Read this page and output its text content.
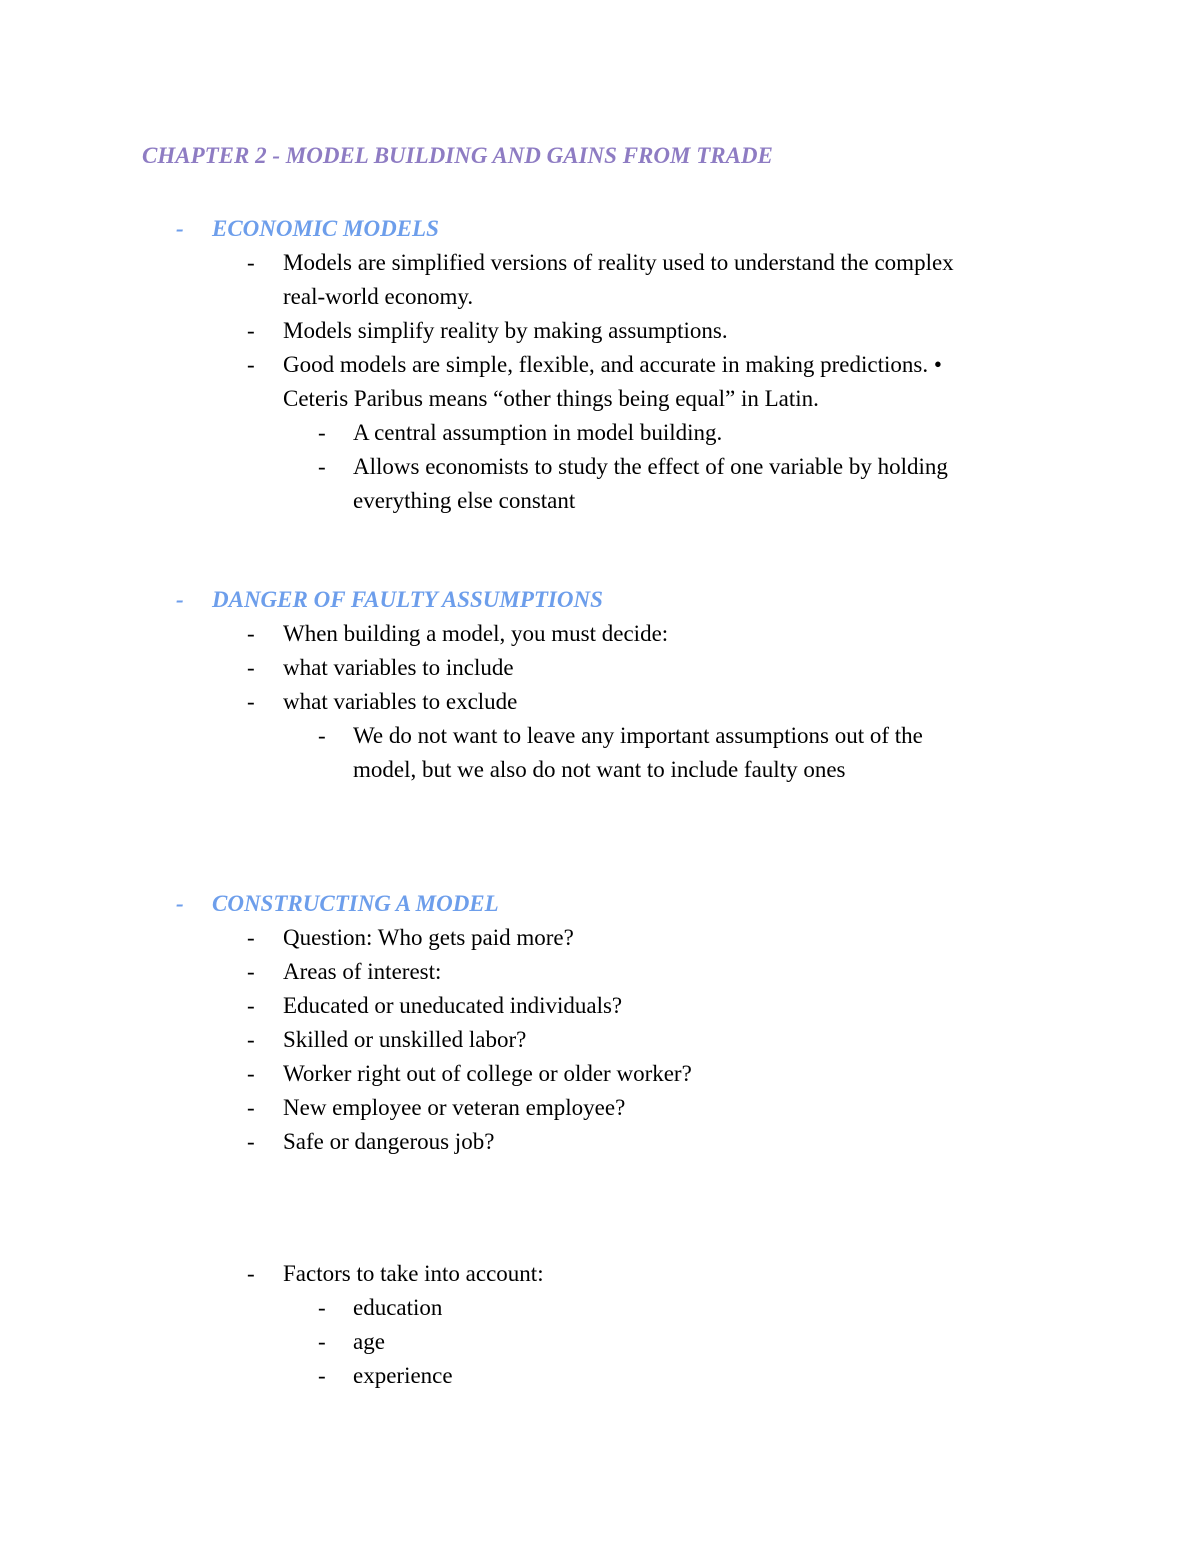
CHAPTER 2 - MODEL BUILDING AND GAINS FROM TRADE
- ECONOMIC MODELS
- Models are simplified versions of reality used to understand the complex
real-world economy.
- Models simplify reality by making assumptions.
- Good models are simple, flexible, and accurate in making predictions. •
Ceteris Paribus means “other things being equal” in Latin.
- A central assumption in model building.
- Allows economists to study the effect of one variable by holding
everything else constant
- DANGER OF FAULTY ASSUMPTIONS
- When building a model, you must decide:
- what variables to include
- what variables to exclude
- We do not want to leave any important assumptions out of the
model, but we also do not want to include faulty ones
- CONSTRUCTING A MODEL
- Question: Who gets paid more?
- Areas of interest:
- Educated or uneducated individuals?
- Skilled or unskilled labor?
- Worker right out of college or older worker?
- New employee or veteran employee?
- Safe or dangerous job?
- Factors to take into account:
- education
- age
- experience
